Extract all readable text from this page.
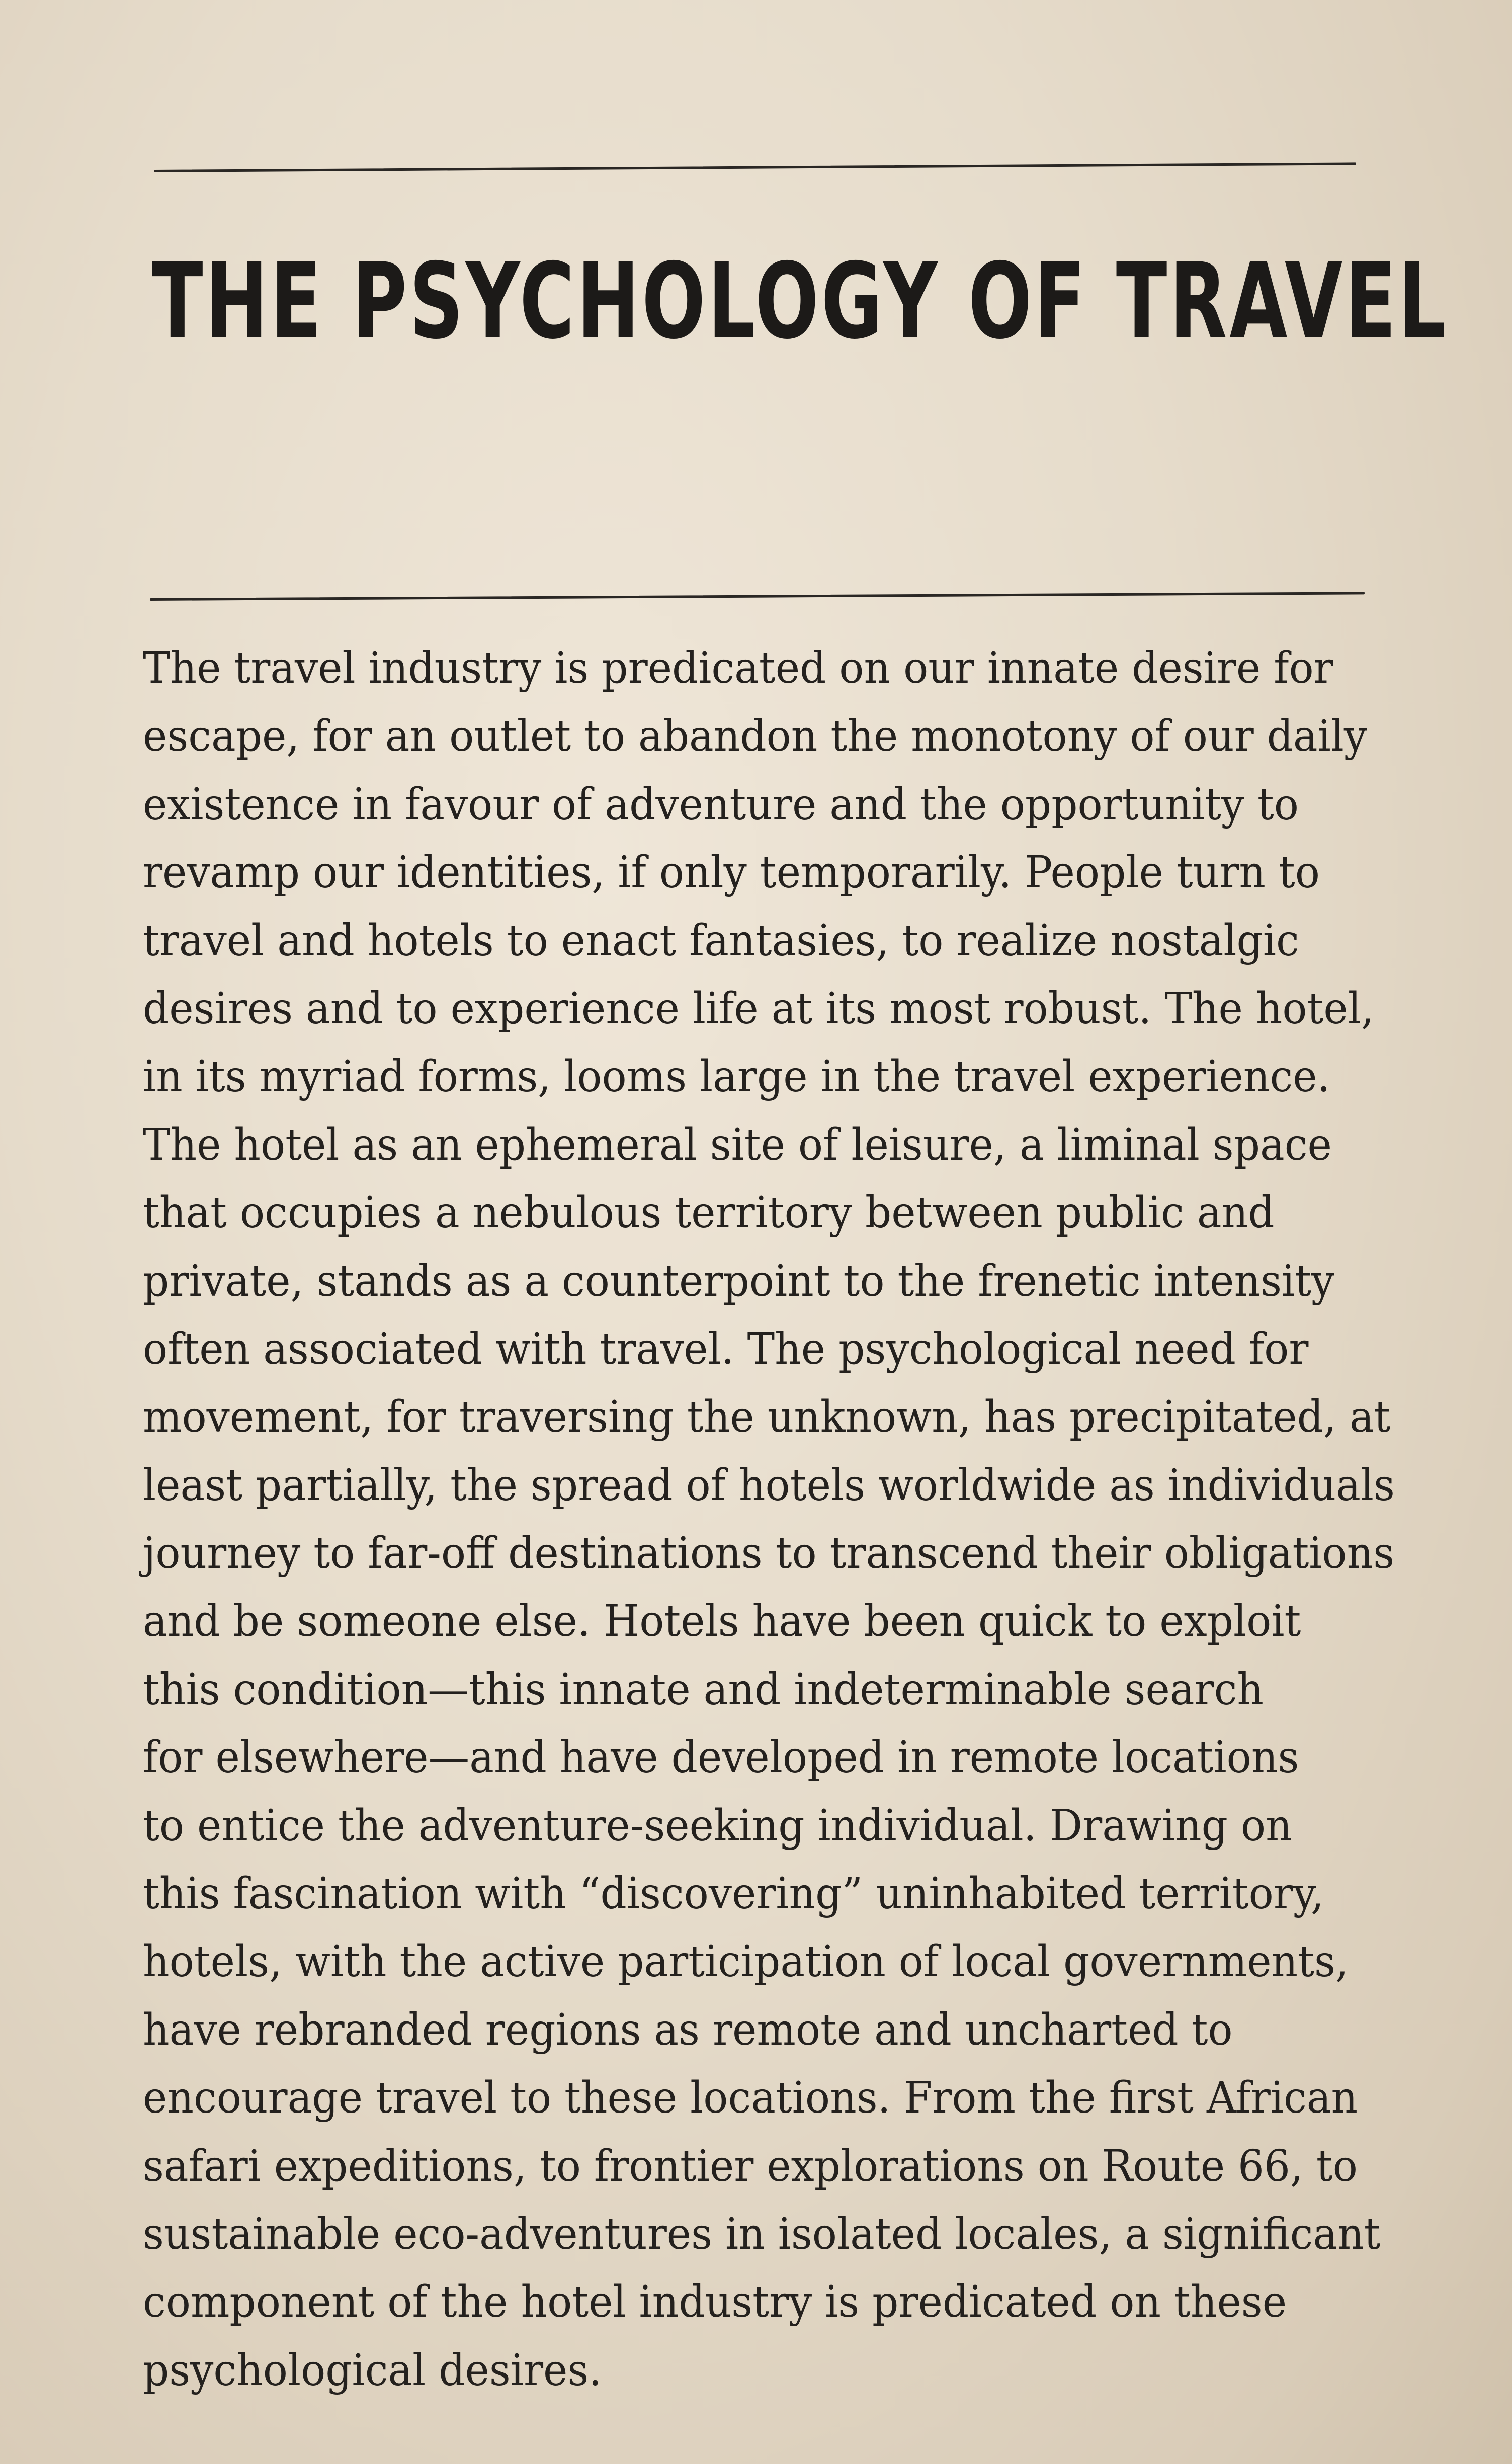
THE PSYCHOLOGY OF TRAVEL
The travel industry is predicated on our innate desire for
escape, for an outlet to abandon the monotony of our daily
existence in favour of adventure and the opportunity to
revamp our identities, if only temporarily. People turn to
travel and hotels to enact fantasies, to realize nostalgic
desires and to experience life at its most robust. The hotel,
in its myriad forms, looms large in the travel experience.
The hotel as an ephemeral site of leisure, a liminal space
that occupies a nebulous territory between public and
private, stands as a counterpoint to the frenetic intensity
often associated with travel. The psychological need for
movement, for traversing the unknown, has precipitated, at
least partially, the spread of hotels worldwide as individuals
journey to far-off destinations to transcend their obligations
and be someone else. Hotels have been quick to exploit
this condition—this innate and indeterminable search
for elsewhere—and have developed in remote locations
to entice the adventure-seeking individual. Drawing on
this fascination with “discovering” uninhabited territory,
hotels, with the active participation of local governments,
have rebranded regions as remote and uncharted to
encourage travel to these locations. From the first African
safari expeditions, to frontier explorations on Route 66, to
sustainable eco-adventures in isolated locales, a significant
component of the hotel industry is predicated on these
psychological desires.
